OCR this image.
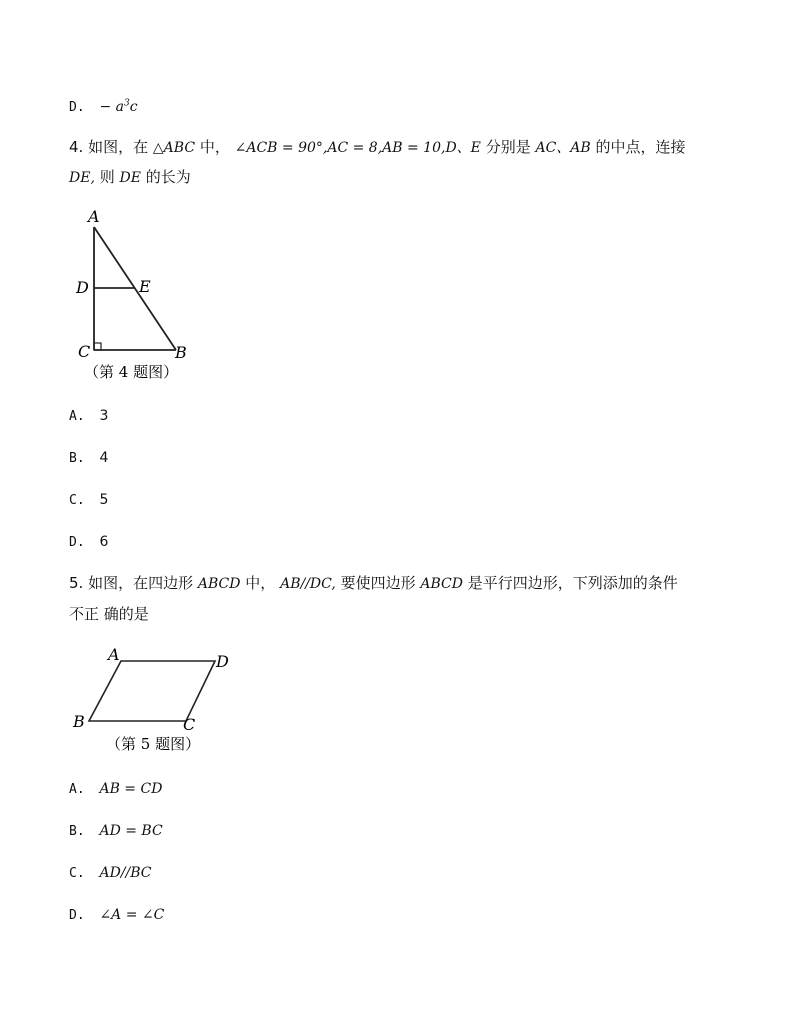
D. − $a^3c$
4. 如图，在 △ABC 中， ∠ACB = 90°,AC = 8,AB = 10,D、E 分别是 AC、AB 的中点，连接
DE, 则 DE 的长为
A
D	E
C	B
（第 4 题图）
A. 3
B. 4
C. 5
D. 6
5. 如图，在四边形 ABCD 中， AB//DC, 要使四边形 ABCD 是平行四边形，下列添加的条件
不正 确的是
A	D
B	C
（第 5 题图）
A. AB = CD
B. AD = BC
C. AD//BC
D. ∠A = ∠C
